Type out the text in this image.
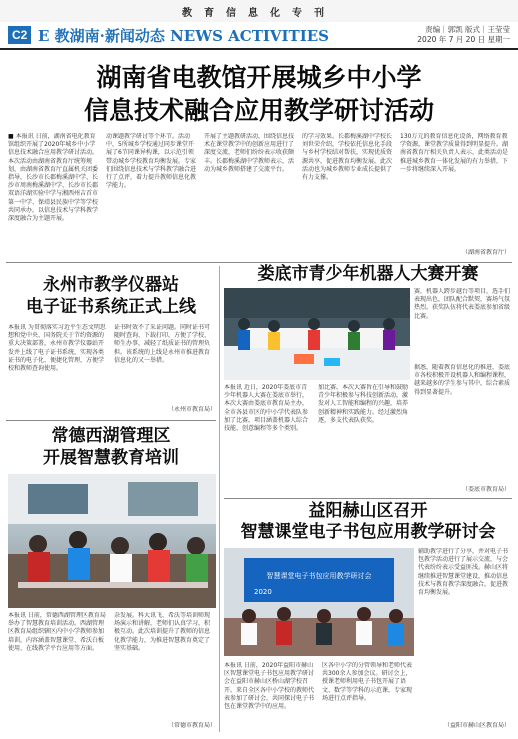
教育信息化专刊
C2 E 教湖南·新闻动态 NEWS ACTIVITIES	责编｜郭凯 版式｜王莹莹
2020 年 7 月 20 日 星期一
湖南省电教馆开展城乡中小学
信息技术融合应用教学研讨活动
■ 本报讯 日前，湖南省电化教育馆组织开展了2020年城乡中小学信息技术融合应用教学研讨活动。本次活动由湖南省教育厅统筹规划，由湖南省教育厅直属机关团委指导，长沙市长郡梅溪湖中学、长沙市周南梅溪湖中学、长沙市长郡双语洋湖实验中学与湘西州吉首市第一中学、保靖县民族中学等学校共同承办，以信息技术与学科教学深度融合为主题开展。
动课题教学研讨等个环节。活动中，5所城乡学校通过同步课堂开展了6节同课异构课，以示范引领带动城乡学校教育均衡发展。专家们围绕信息技术与学科教学融合进行了点评，着力提升教师信息化教学能力。
开展了主题教研活动，围绕信息技术在课堂教学中的创新应用进行了深度交流，老师们纷纷表示收获颇丰。长郡梅溪湖中学教师表示，活动为城乡教师搭建了交流平台。
的学习效果。长郡梅溪湖中学校长刘世荣介绍，学校依托信息化手段与乡村学校结对帮扶，实现优质资源共享，促进教育均衡发展。此次活动也为城乡教师专业成长提供了有力支撑。
130万元的教育信息化设备，网络教育教学资源，课堂教学质量得到明显提升。湖南省教育厅相关负责人表示，此类活动是推进城乡教育一体化发展的有力举措，下一步将继续深入开展。
（湖南省教育厅）
永州市教学仪器站
电子证书系统正式上线
本报讯 为贯彻落实习近平生态文明思想和党中央、国务院关于节约资源的重大决策部署，永州市教学仪器站开发并上线了电子证书系统，实现各类证书的电子化、便捷化管理，方便学校和教师查询使用。
证书时效不了采证问题。同时证书可随时查询、下载打印，方便了学校、师生办事，减轻了纸质证书的管理负担。该系统的上线是永州市推进教育信息化的又一举措。
（永州市教育局）
常德西湖管理区
开展智慧教育培训
本报讯 日前，常德西湖管理区教育局举办了智慧教育培训活动。西湖管理区教育局组织辖区内中小学教师参加培训，内容涵盖智慧课堂、希沃白板使用、在线教学平台应用等方面。
杂发展。科大讯飞、希沃等培训师现场演示和讲解，老师们认真学习，积极互动。此次培训提升了教师的信息化教学能力，为推进智慧教育奠定了坚实基础。
（常德市教育局）
娄底市青少年机器人大赛开赛
赛，机器人跨步越台等项目，选手们表现出色，团队配合默契，赛场气氛热烈。获奖队伍将代表娄底参加省级比赛。
据悉，随着教育信息化的推进，娄底市各校积极开设机器人和编程课程，越来越多的学生参与其中，综合素质得到显著提升。
本报讯 近日，2020年娄底市青少年机器人大赛在娄底市举行，本次大赛由娄底市教育局主办，全市各县市区的中小学代表队参加了比赛，项目涵盖机器人综合技能、创意编程等多个类别。
加比赛。本次大赛旨在引导和鼓励青少年积极参与科技创新活动，激发对人工智能和编程的兴趣，培养创新精神和实践能力。经过激烈角逐，多支代表队获奖。
（娄底市教育局）
益阳赫山区召开
智慧课堂电子书包应用教学研讨会
智慧课堂电子书包应用教学研讨会
2020
辅助教学进行了分享，并对电子书包教学活动进行了展示交流，与会代表纷纷表示受益匪浅。赫山区将继续推进智慧课堂建设，推动信息技术与教育教学深度融合，促进教育均衡发展。
本报讯 日前，2020年益阳市赫山区智慧课堂电子书包应用教学研讨会在益阳市赫山区桥山湖学校召开。来自全区各中小学校的教师代表参加了研讨会，共同探讨电子书包在课堂教学中的应用。
区各中小学的分管领导和老师代表共300余人参加会议。研讨会上，授课老师利用电子书包开展了语文、数学等学科的示范课，专家现场进行点评指导。
（益阳市赫山区教育局）
